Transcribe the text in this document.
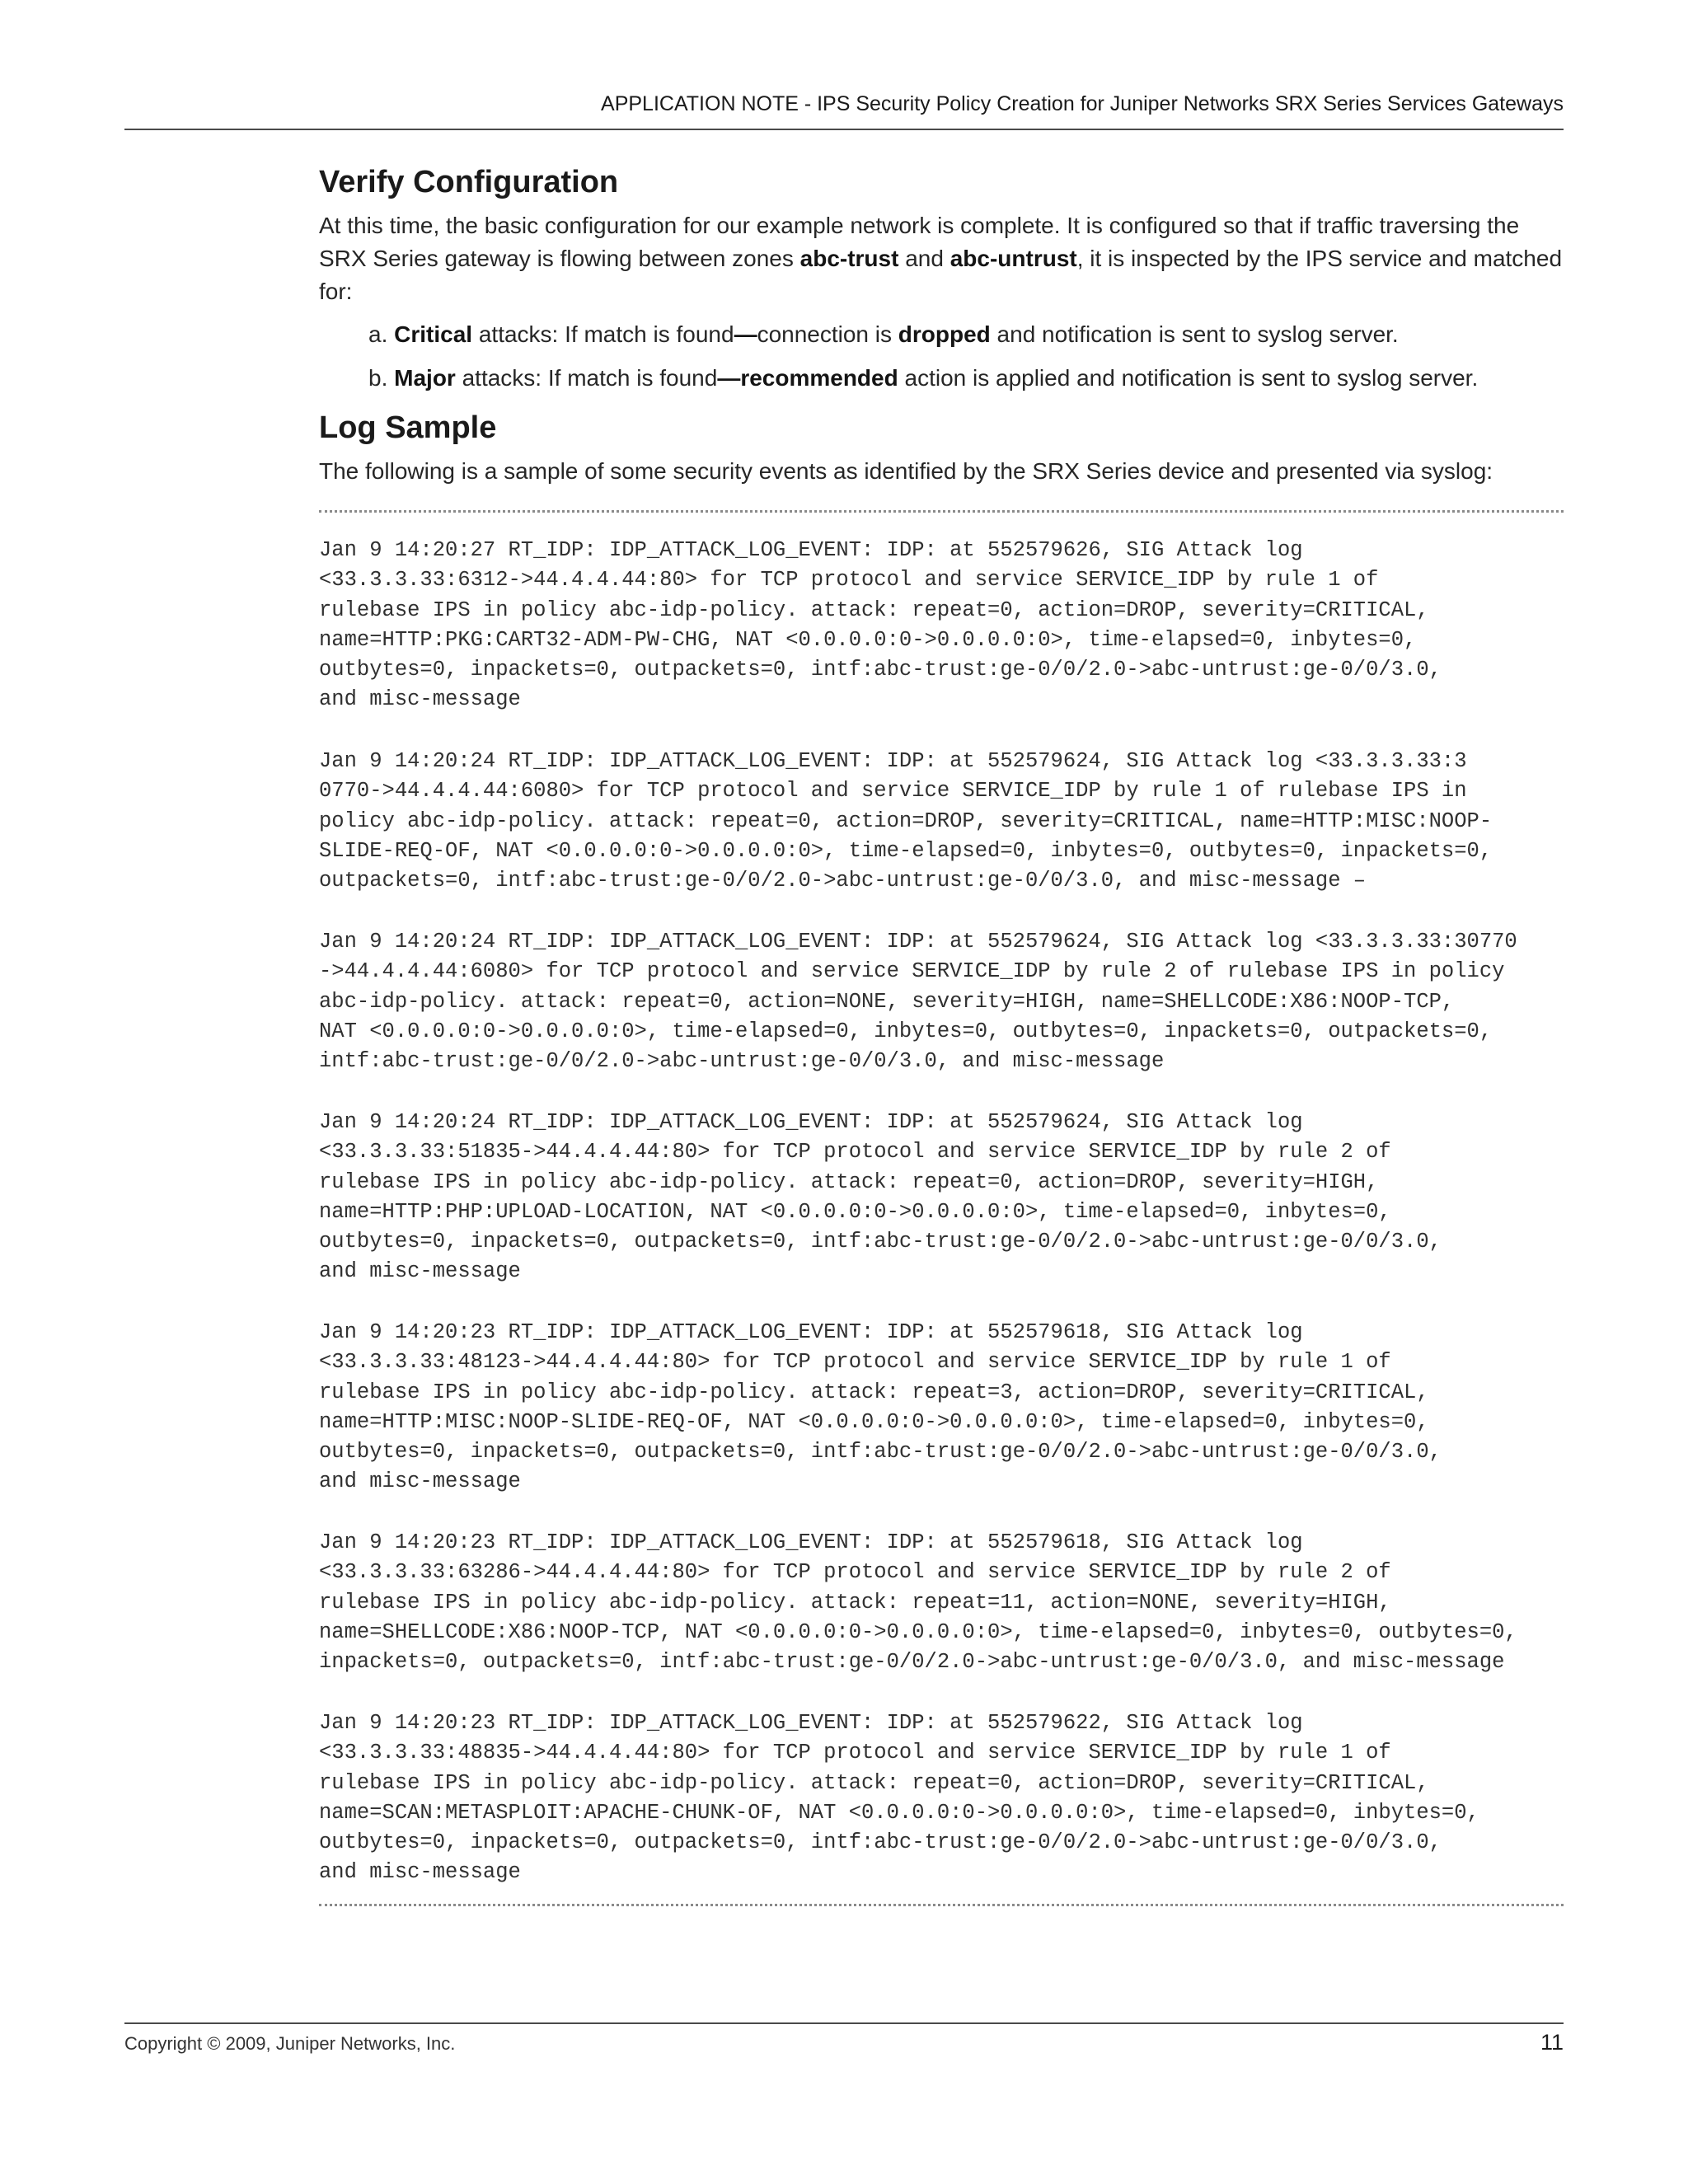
APPLICATION NOTE - IPS Security Policy Creation for Juniper Networks SRX Series Services Gateways
Verify Configuration

At this time, the basic configuration for our example network is complete. It is configured so that if traffic traversing the SRX Series gateway is flowing between zones abc-trust and abc-untrust, it is inspected by the IPS service and matched for:

a. Critical attacks: If match is found—connection is dropped and notification is sent to syslog server.
b. Major attacks: If match is found—recommended action is applied and notification is sent to syslog server.
Log Sample

The following is a sample of some security events as identified by the SRX Series device and presented via syslog:

Jan 9 14:20:27 RT_IDP: IDP_ATTACK_LOG_EVENT: IDP: at 552579626, SIG Attack log
<33.3.3.33:6312->44.4.4.44:80> for TCP protocol and service SERVICE_IDP by rule 1 of
rulebase IPS in policy abc-idp-policy. attack: repeat=0, action=DROP, severity=CRITICAL,
name=HTTP:PKG:CART32-ADM-PW-CHG, NAT <0.0.0.0:0->0.0.0.0:0>, time-elapsed=0, inbytes=0,
outbytes=0, inpackets=0, outpackets=0, intf:abc-trust:ge-0/0/2.0->abc-untrust:ge-0/0/3.0,
and misc-message
Jan 9 14:20:24 RT_IDP: IDP_ATTACK_LOG_EVENT: IDP: at 552579624, SIG Attack log <33.3.3.33:3
0770->44.4.4.44:6080> for TCP protocol and service SERVICE_IDP by rule 1 of rulebase IPS in
policy abc-idp-policy. attack: repeat=0, action=DROP, severity=CRITICAL, name=HTTP:MISC:NOOP-
SLIDE-REQ-OF, NAT <0.0.0.0:0->0.0.0.0:0>, time-elapsed=0, inbytes=0, outbytes=0, inpackets=0,
outpackets=0, intf:abc-trust:ge-0/0/2.0->abc-untrust:ge-0/0/3.0, and misc-message –
Jan 9 14:20:24 RT_IDP: IDP_ATTACK_LOG_EVENT: IDP: at 552579624, SIG Attack log <33.3.3.33:30770
->44.4.4.44:6080> for TCP protocol and service SERVICE_IDP by rule 2 of rulebase IPS in policy
abc-idp-policy. attack: repeat=0, action=NONE, severity=HIGH, name=SHELLCODE:X86:NOOP-TCP,
NAT <0.0.0.0:0->0.0.0.0:0>, time-elapsed=0, inbytes=0, outbytes=0, inpackets=0, outpackets=0,
intf:abc-trust:ge-0/0/2.0->abc-untrust:ge-0/0/3.0, and misc-message
Jan 9 14:20:24 RT_IDP: IDP_ATTACK_LOG_EVENT: IDP: at 552579624, SIG Attack log
<33.3.3.33:51835->44.4.4.44:80> for TCP protocol and service SERVICE_IDP by rule 2 of
rulebase IPS in policy abc-idp-policy. attack: repeat=0, action=DROP, severity=HIGH,
name=HTTP:PHP:UPLOAD-LOCATION, NAT <0.0.0.0:0->0.0.0.0:0>, time-elapsed=0, inbytes=0,
outbytes=0, inpackets=0, outpackets=0, intf:abc-trust:ge-0/0/2.0->abc-untrust:ge-0/0/3.0,
and misc-message
Jan 9 14:20:23 RT_IDP: IDP_ATTACK_LOG_EVENT: IDP: at 552579618, SIG Attack log
<33.3.3.33:48123->44.4.4.44:80> for TCP protocol and service SERVICE_IDP by rule 1 of
rulebase IPS in policy abc-idp-policy. attack: repeat=3, action=DROP, severity=CRITICAL,
name=HTTP:MISC:NOOP-SLIDE-REQ-OF, NAT <0.0.0.0:0->0.0.0.0:0>, time-elapsed=0, inbytes=0,
outbytes=0, inpackets=0, outpackets=0, intf:abc-trust:ge-0/0/2.0->abc-untrust:ge-0/0/3.0,
and misc-message
Jan 9 14:20:23 RT_IDP: IDP_ATTACK_LOG_EVENT: IDP: at 552579618, SIG Attack log
<33.3.3.33:63286->44.4.4.44:80> for TCP protocol and service SERVICE_IDP by rule 2 of
rulebase IPS in policy abc-idp-policy. attack: repeat=11, action=NONE, severity=HIGH,
name=SHELLCODE:X86:NOOP-TCP, NAT <0.0.0.0:0->0.0.0.0:0>, time-elapsed=0, inbytes=0, outbytes=0,
inpackets=0, outpackets=0, intf:abc-trust:ge-0/0/2.0->abc-untrust:ge-0/0/3.0, and misc-message
Jan 9 14:20:23 RT_IDP: IDP_ATTACK_LOG_EVENT: IDP: at 552579622, SIG Attack log
<33.3.3.33:48835->44.4.4.44:80> for TCP protocol and service SERVICE_IDP by rule 1 of
rulebase IPS in policy abc-idp-policy. attack: repeat=0, action=DROP, severity=CRITICAL,
name=SCAN:METASPLOIT:APACHE-CHUNK-OF, NAT <0.0.0.0:0->0.0.0.0:0>, time-elapsed=0, inbytes=0,
outbytes=0, inpackets=0, outpackets=0, intf:abc-trust:ge-0/0/2.0->abc-untrust:ge-0/0/3.0,
and misc-message
Copyright © 2009, Juniper Networks, Inc.	11
